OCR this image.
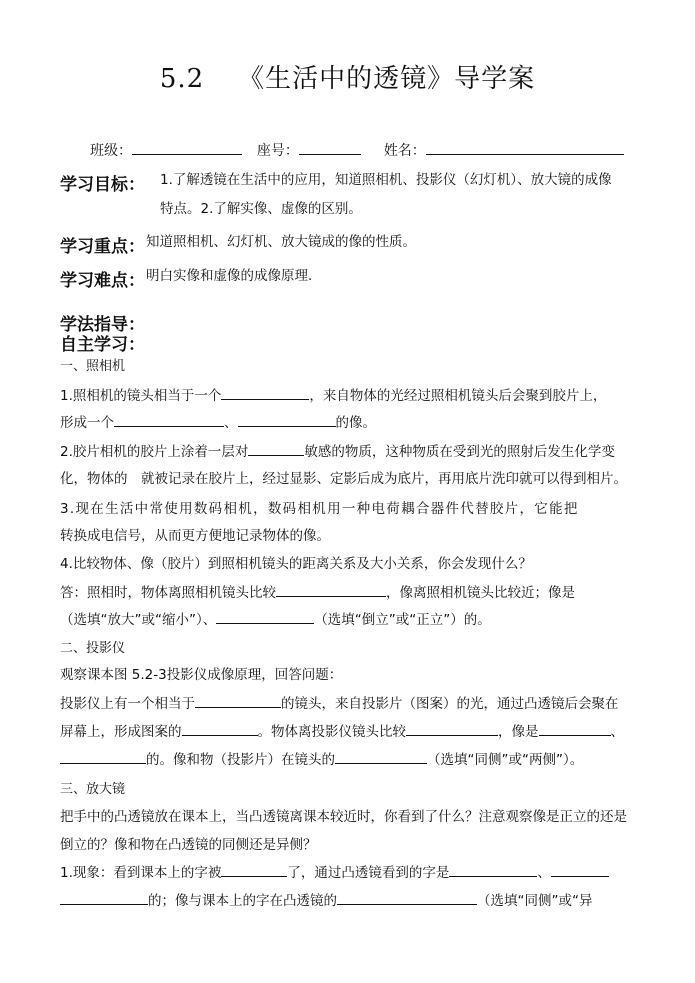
5.2 《生活中的透镜》导学案
班级：	座号：	姓名：
学习目标： 1.了解透镜在生活中的应用，知道照相机、投影仪（幻灯机）、放大镜的成像
特点。2.了解实像、虚像的区别。
学习重点： 知道照相机、幻灯机、放大镜成的像的性质。
学习难点： 明白实像和虚像的成像原理.
学法指导：
自主学习：
一、照相机
1.照相机的镜头相当于一个	，来自物体的光经过照相机镜头后会聚到胶片上，
形成一个	、	的像。
2.胶片相机的胶片上涂着一层对	敏感的物质，这种物质在受到光的照射后发生化学变
化，物体的　就被记录在胶片上，经过显影、定影后成为底片，再用底片洗印就可以得到相片。
3.现在生活中常使用数码相机，数码相机用一种电荷耦合器件代替胶片，它能把
转换成电信号，从而更方便地记录物体的像。
4.比较物体、像（胶片）到照相机镜头的距离关系及大小关系，你会发现什么？
答：照相时，物体离照相机镜头比较	，像离照相机镜头比较近；像是
（选填“放大”或“缩小”）、	（选填“倒立”或“正立”）的。
二、投影仪
观察课本图 5.2-3投影仪成像原理，回答问题：
投影仪上有一个相当于	的镜头，来自投影片（图案）的光，通过凸透镜后会聚在
屏幕上，形成图案的	。物体离投影仪镜头比较	，像是	、
的。像和物（投影片）在镜头的	（选填“同侧”或“两侧”）。
三、放大镜
把手中的凸透镜放在课本上，当凸透镜离课本较近时，你看到了什么？注意观察像是正立的还是
倒立的？像和物在凸透镜的同侧还是异侧？
1.现象：看到课本上的字被	了，通过凸透镜看到的字是	、
的；像与课本上的字在凸透镜的	（选填“同侧”或“异
